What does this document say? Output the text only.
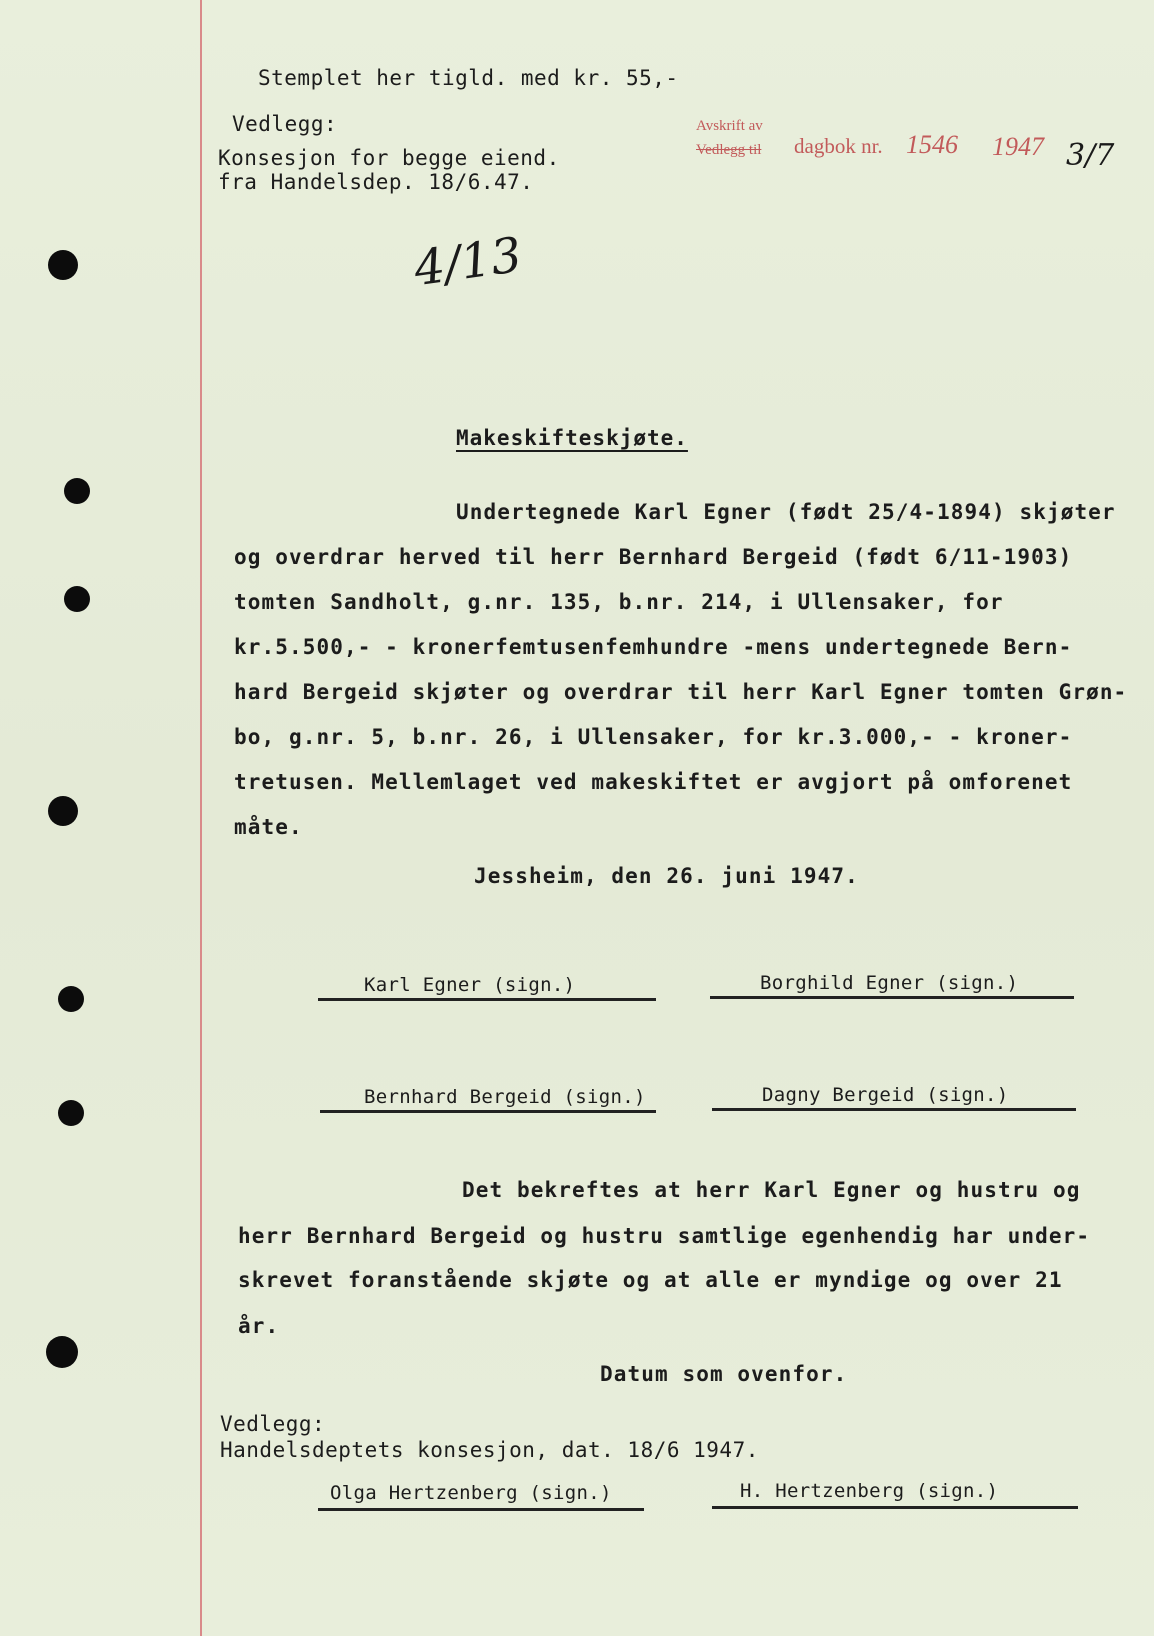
Stemplet her tigld. med kr. 55,-
Vedlegg:
Konsesjon for begge eiend.
fra Handelsdep. 18/6.47.
Avskrift av
Vedlegg til dagbok nr. 1546 1947 3/7
4/13
Makeskifteskjøte.
Undertegnede Karl Egner (født 25/4-1894) skjøter
og overdrar herved til herr Bernhard Bergeid (født 6/11-1903)
tomten Sandholt, g.nr. 135, b.nr. 214, i Ullensaker, for
kr.5.500,- - kronerfemtusenfemhundre -mens undertegnede Bern-
hard Bergeid skjøter og overdrar til herr Karl Egner tomten Grøn-
bo, g.nr. 5, b.nr. 26, i Ullensaker, for kr.3.000,- - kroner-
tretusen. Mellemlaget ved makeskiftet er avgjort på omforenet
måte.
Jessheim, den 26. juni 1947.
Karl Egner (sign.)	Borghild Egner (sign.)
Bernhard Bergeid (sign.)	Dagny Bergeid (sign.)
Det bekreftes at herr Karl Egner og hustru og
herr Bernhard Bergeid og hustru samtlige egenhendig har under-
skrevet foranstående skjøte og at alle er myndige og over 21
år.
Datum som ovenfor.
Vedlegg:
Handelsdeptets konsesjon, dat. 18/6 1947.
Olga Hertzenberg (sign.)	H. Hertzenberg (sign.)
